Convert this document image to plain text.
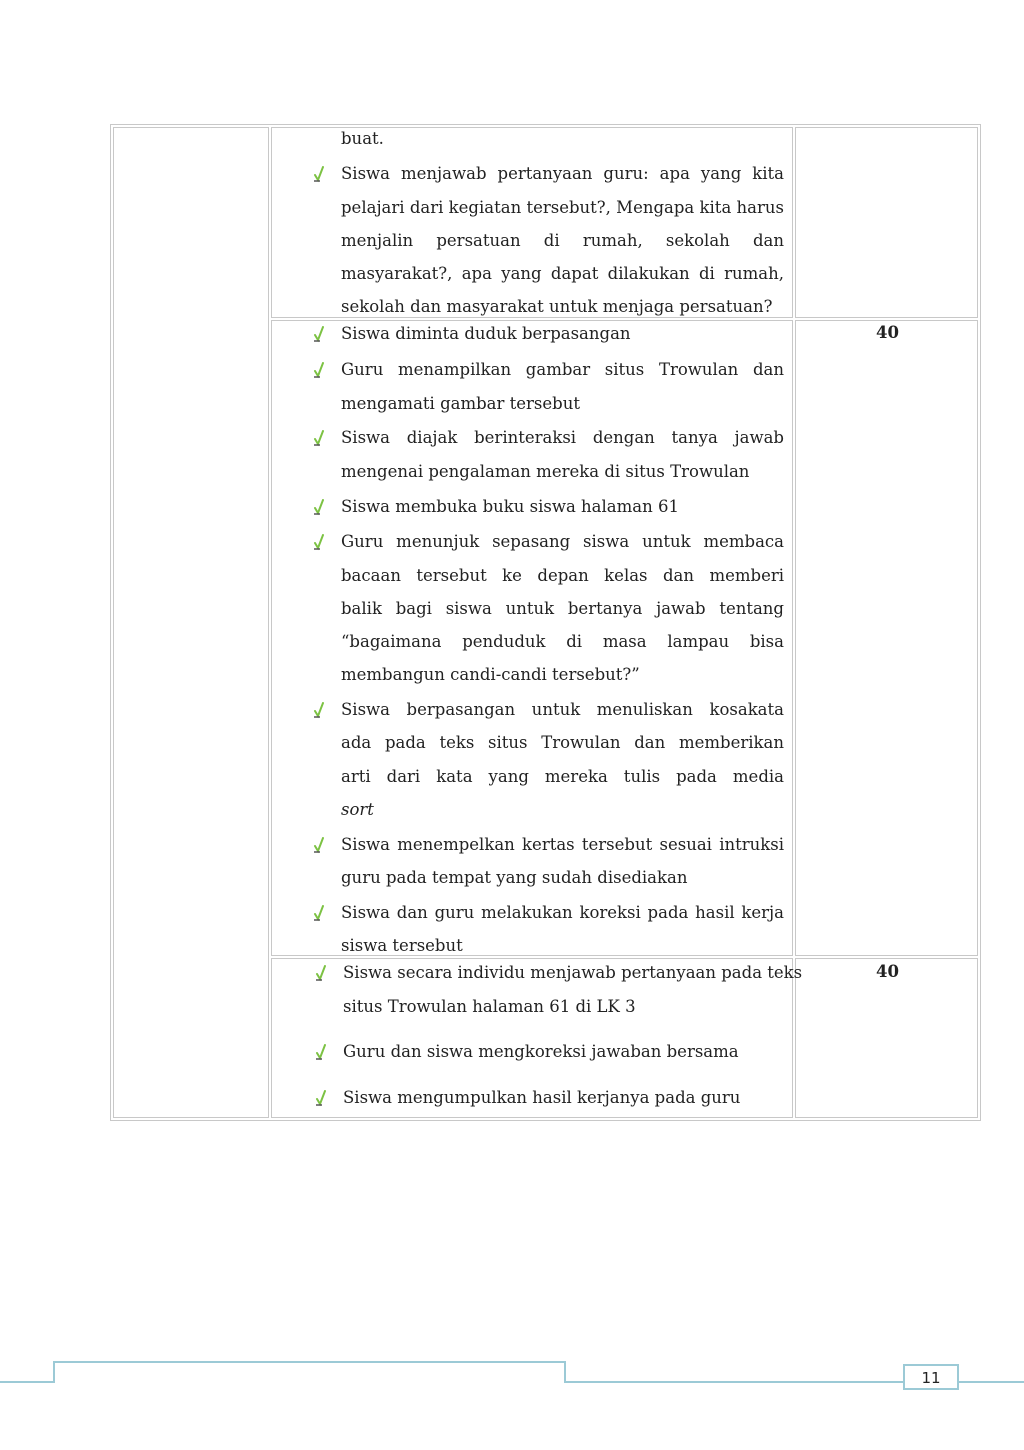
40
40
buat.
Siswa menjawab pertanyaan guru: apa yang kita
pelajari dari kegiatan tersebut?, Mengapa kita harus
menjalin persatuan di rumah, sekolah dan
masyarakat?, apa yang dapat dilakukan di rumah,
sekolah dan masyarakat untuk menjaga persatuan?
Siswa diminta duduk berpasangan
Guru menampilkan gambar situs Trowulan dan
mengamati gambar tersebut
Siswa diajak berinteraksi dengan tanya jawab
mengenai pengalaman mereka di situs Trowulan
Siswa membuka buku siswa halaman 61
Guru menunjuk sepasang siswa untuk membaca
bacaan tersebut ke depan kelas dan memberi
balik bagi siswa untuk bertanya jawab tentang
“bagaimana penduduk di masa lampau bisa
membangun candi-candi tersebut?”
Siswa berpasangan untuk menuliskan kosakata
ada pada teks situs Trowulan dan memberikan
arti dari kata yang mereka tulis pada media
sort
Siswa menempelkan kertas tersebut sesuai intruksi
guru pada tempat yang sudah disediakan
Siswa dan guru melakukan koreksi pada hasil kerja
siswa tersebut
Siswa secara individu menjawab pertanyaan pada teks
situs Trowulan halaman 61 di LK 3
Guru dan siswa mengkoreksi jawaban bersama
Siswa mengumpulkan hasil kerjanya pada guru
11
